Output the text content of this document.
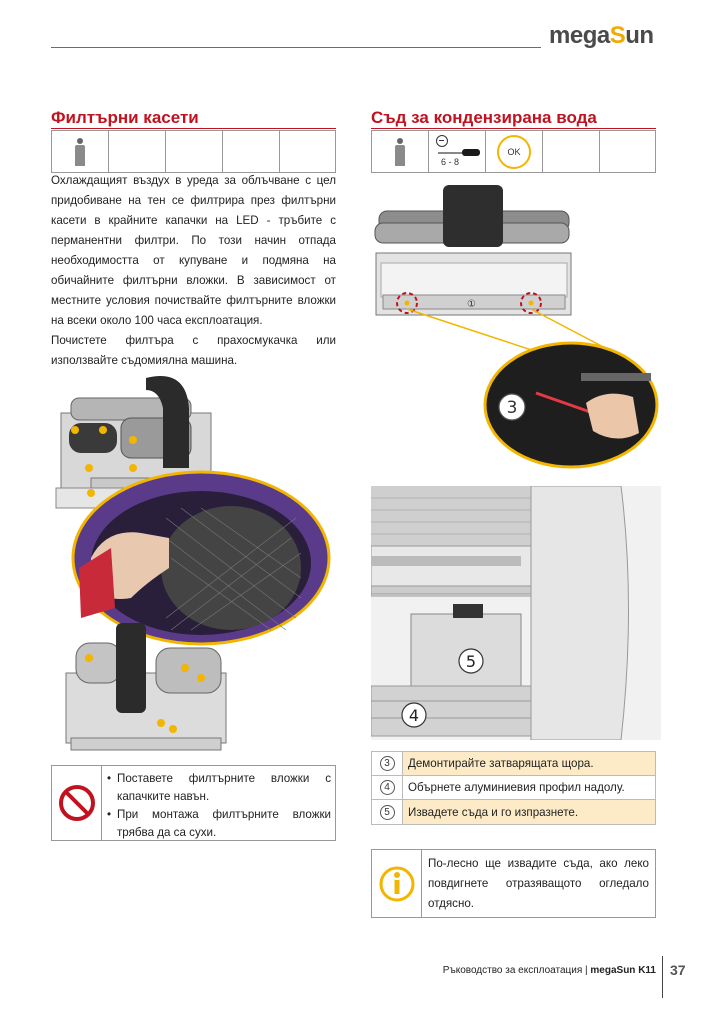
megaSun
Филтърни касети

Охлаждащият въздух в уреда за облъчване с цел придобиване на тен се филтрира през филтърни касети в крайните капачки на LED - тръбите с перманентни филтри. По този начин отпада необходимостта от купуване и подмяна на обичайните филтърни вложки. В зависимост от местните условия почиствайте филтърните вложки на всеки около 100 часа експлоатация.

Почистете филтъра с прахосмукачка или използвайте съдомиялна машина.

• Поставете филтърните вложки с капачките навън.
• При монтажа филтърните вложки трябва да са сухи.
Съд за кондензирана вода
6 - 8
OK
①
3
5
4
3	Демонтирайте затварящата щора.
4	Обърнете алуминиевия профил надолу.
5	Извадете съда и го изпразнете.
По-лесно ще извадите съда, ако леко повдигнете отразяващото огледало отдясно.
Ръководство за експлоатация | megaSun K11 37
